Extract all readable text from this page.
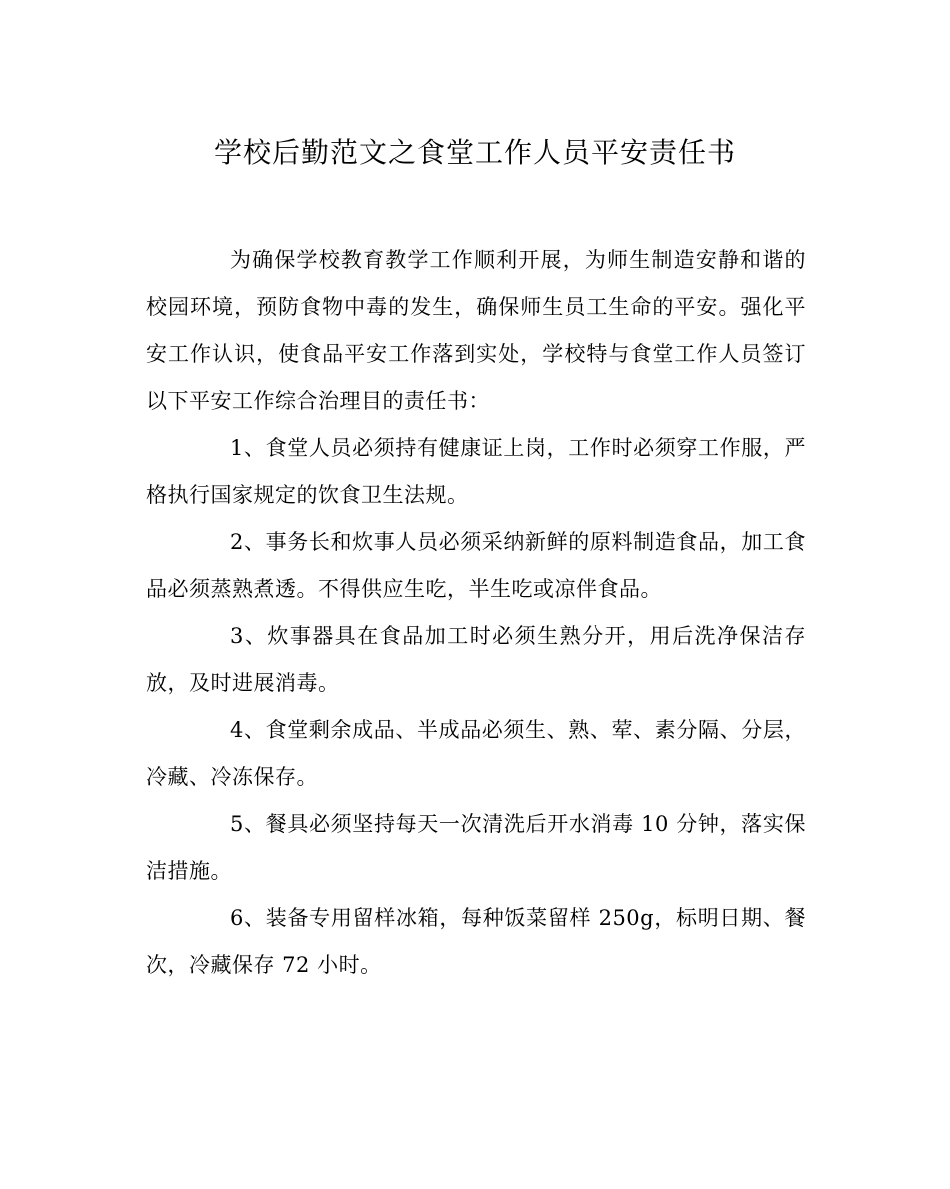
学校后勤范文之食堂工作人员平安责任书

为确保学校教育教学工作顺利开展，为师生制造安静和谐的校园环境，预防食物中毒的发生，确保师生员工生命的平安。强化平安工作认识，使食品平安工作落到实处，学校特与食堂工作人员签订以下平安工作综合治理目的责任书：

1、食堂人员必须持有健康证上岗，工作时必须穿工作服，严格执行国家规定的饮食卫生法规。

2、事务长和炊事人员必须采纳新鲜的原料制造食品，加工食品必须蒸熟煮透。不得供应生吃，半生吃或凉伴食品。

3、炊事器具在食品加工时必须生熟分开，用后洗净保洁存放，及时进展消毒。

4、食堂剩余成品、半成品必须生、熟、荤、素分隔、分层，冷藏、冷冻保存。

5、餐具必须坚持每天一次清洗后开水消毒 10 分钟，落实保洁措施。

6、装备专用留样冰箱，每种饭菜留样 250g，标明日期、餐次，冷藏保存 72 小时。
